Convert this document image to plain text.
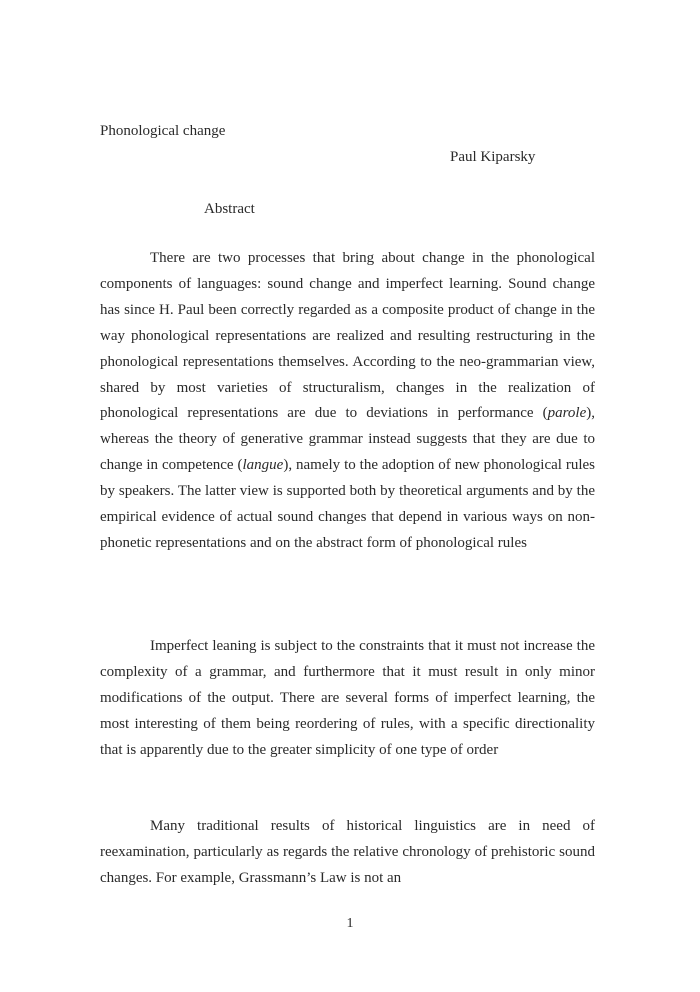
Phonological change
Paul Kiparsky
Abstract

There are two processes that bring about change in the phonological components of languages: sound change and imperfect learning. Sound change has since H. Paul been correctly regarded as a composite product of change in the way phonological representations are realized and resulting restructuring in the phonological representations themselves. According to the neo-grammarian view, shared by most varieties of structuralism, changes in the realization of phonological representations are due to deviations in performance (parole), whereas the theory of generative grammar instead suggests that they are due to change in competence (langue), namely to the adoption of new phonological rules by speakers. The latter view is supported both by theoretical arguments and by the empirical evidence of actual sound changes that depend in various ways on non-phonetic representations and on the abstract form of phonological rules

Imperfect leaning is subject to the constraints that it must not increase the complexity of a grammar, and furthermore that it must result in only minor modifications of the output. There are several forms of imperfect learning, the most interesting of them being reordering of rules, with a specific directionality that is apparently due to the greater simplicity of one type of order

Many traditional results of historical linguistics are in need of reexamination, particularly as regards the relative chronology of prehistoric sound changes. For example, Grassmann’s Law is not an

1
